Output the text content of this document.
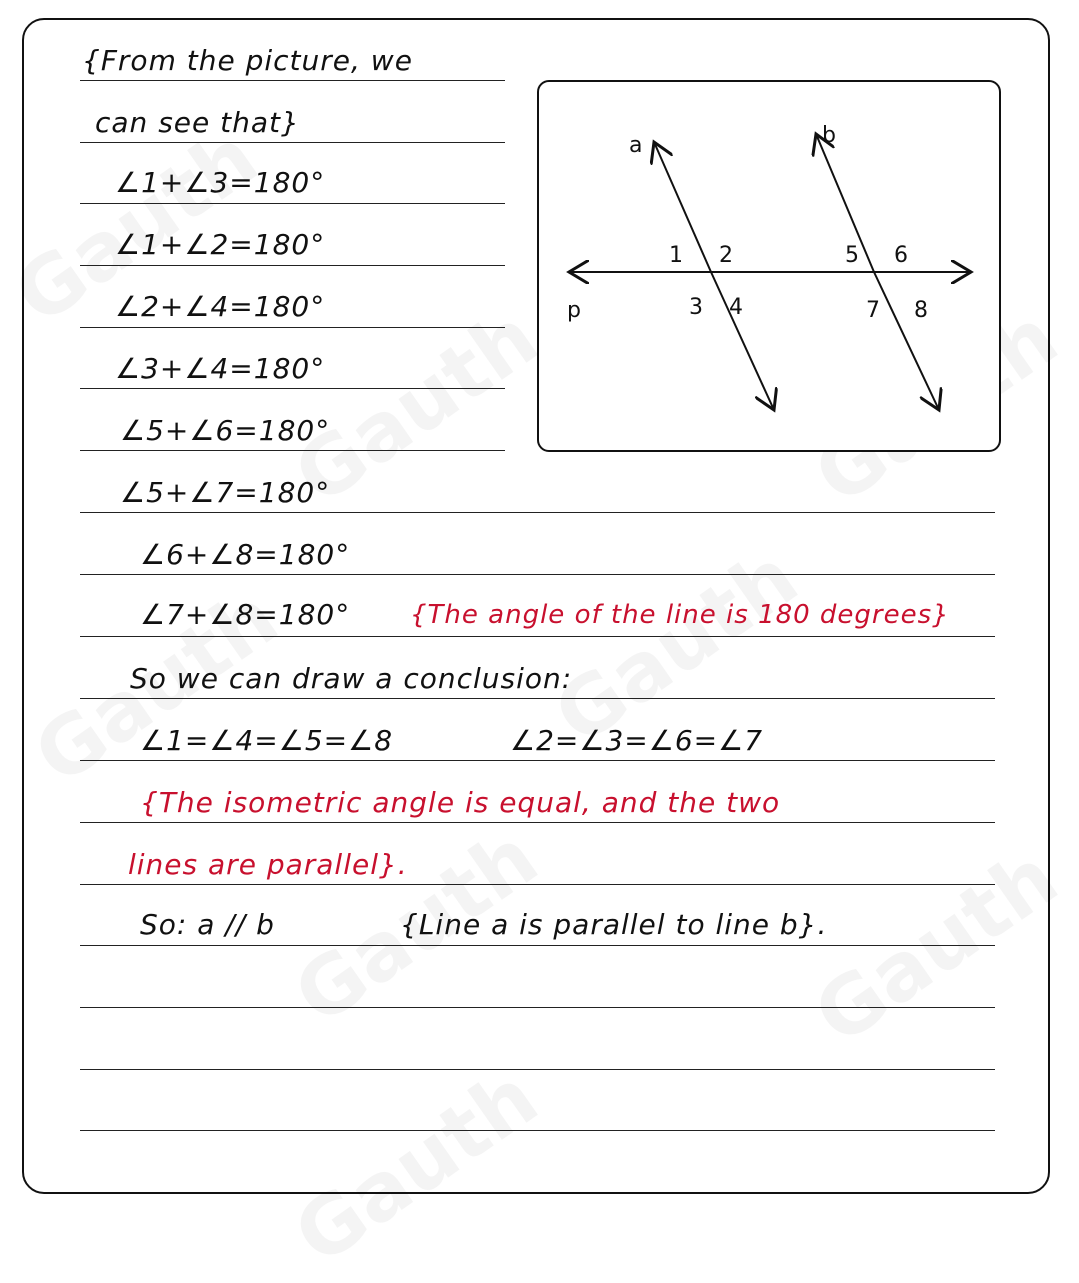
{From the picture, we
can see that}
∠1+∠3=180°
∠1+∠2=180°
∠2+∠4=180°
∠3+∠4=180°
∠5+∠6=180°
∠5+∠7=180°
∠6+∠8=180°
∠7+∠8=180° {The angle of the line is 180 degrees}
So we can draw a conclusion:
∠1=∠4=∠5=∠8	∠2=∠3=∠6=∠7
{The isometric angle is equal, and the two
lines are parallel}.
So: a // b	{Line a is parallel to line b}.
a	b
p
1 2
3 4
5 6
7 8
